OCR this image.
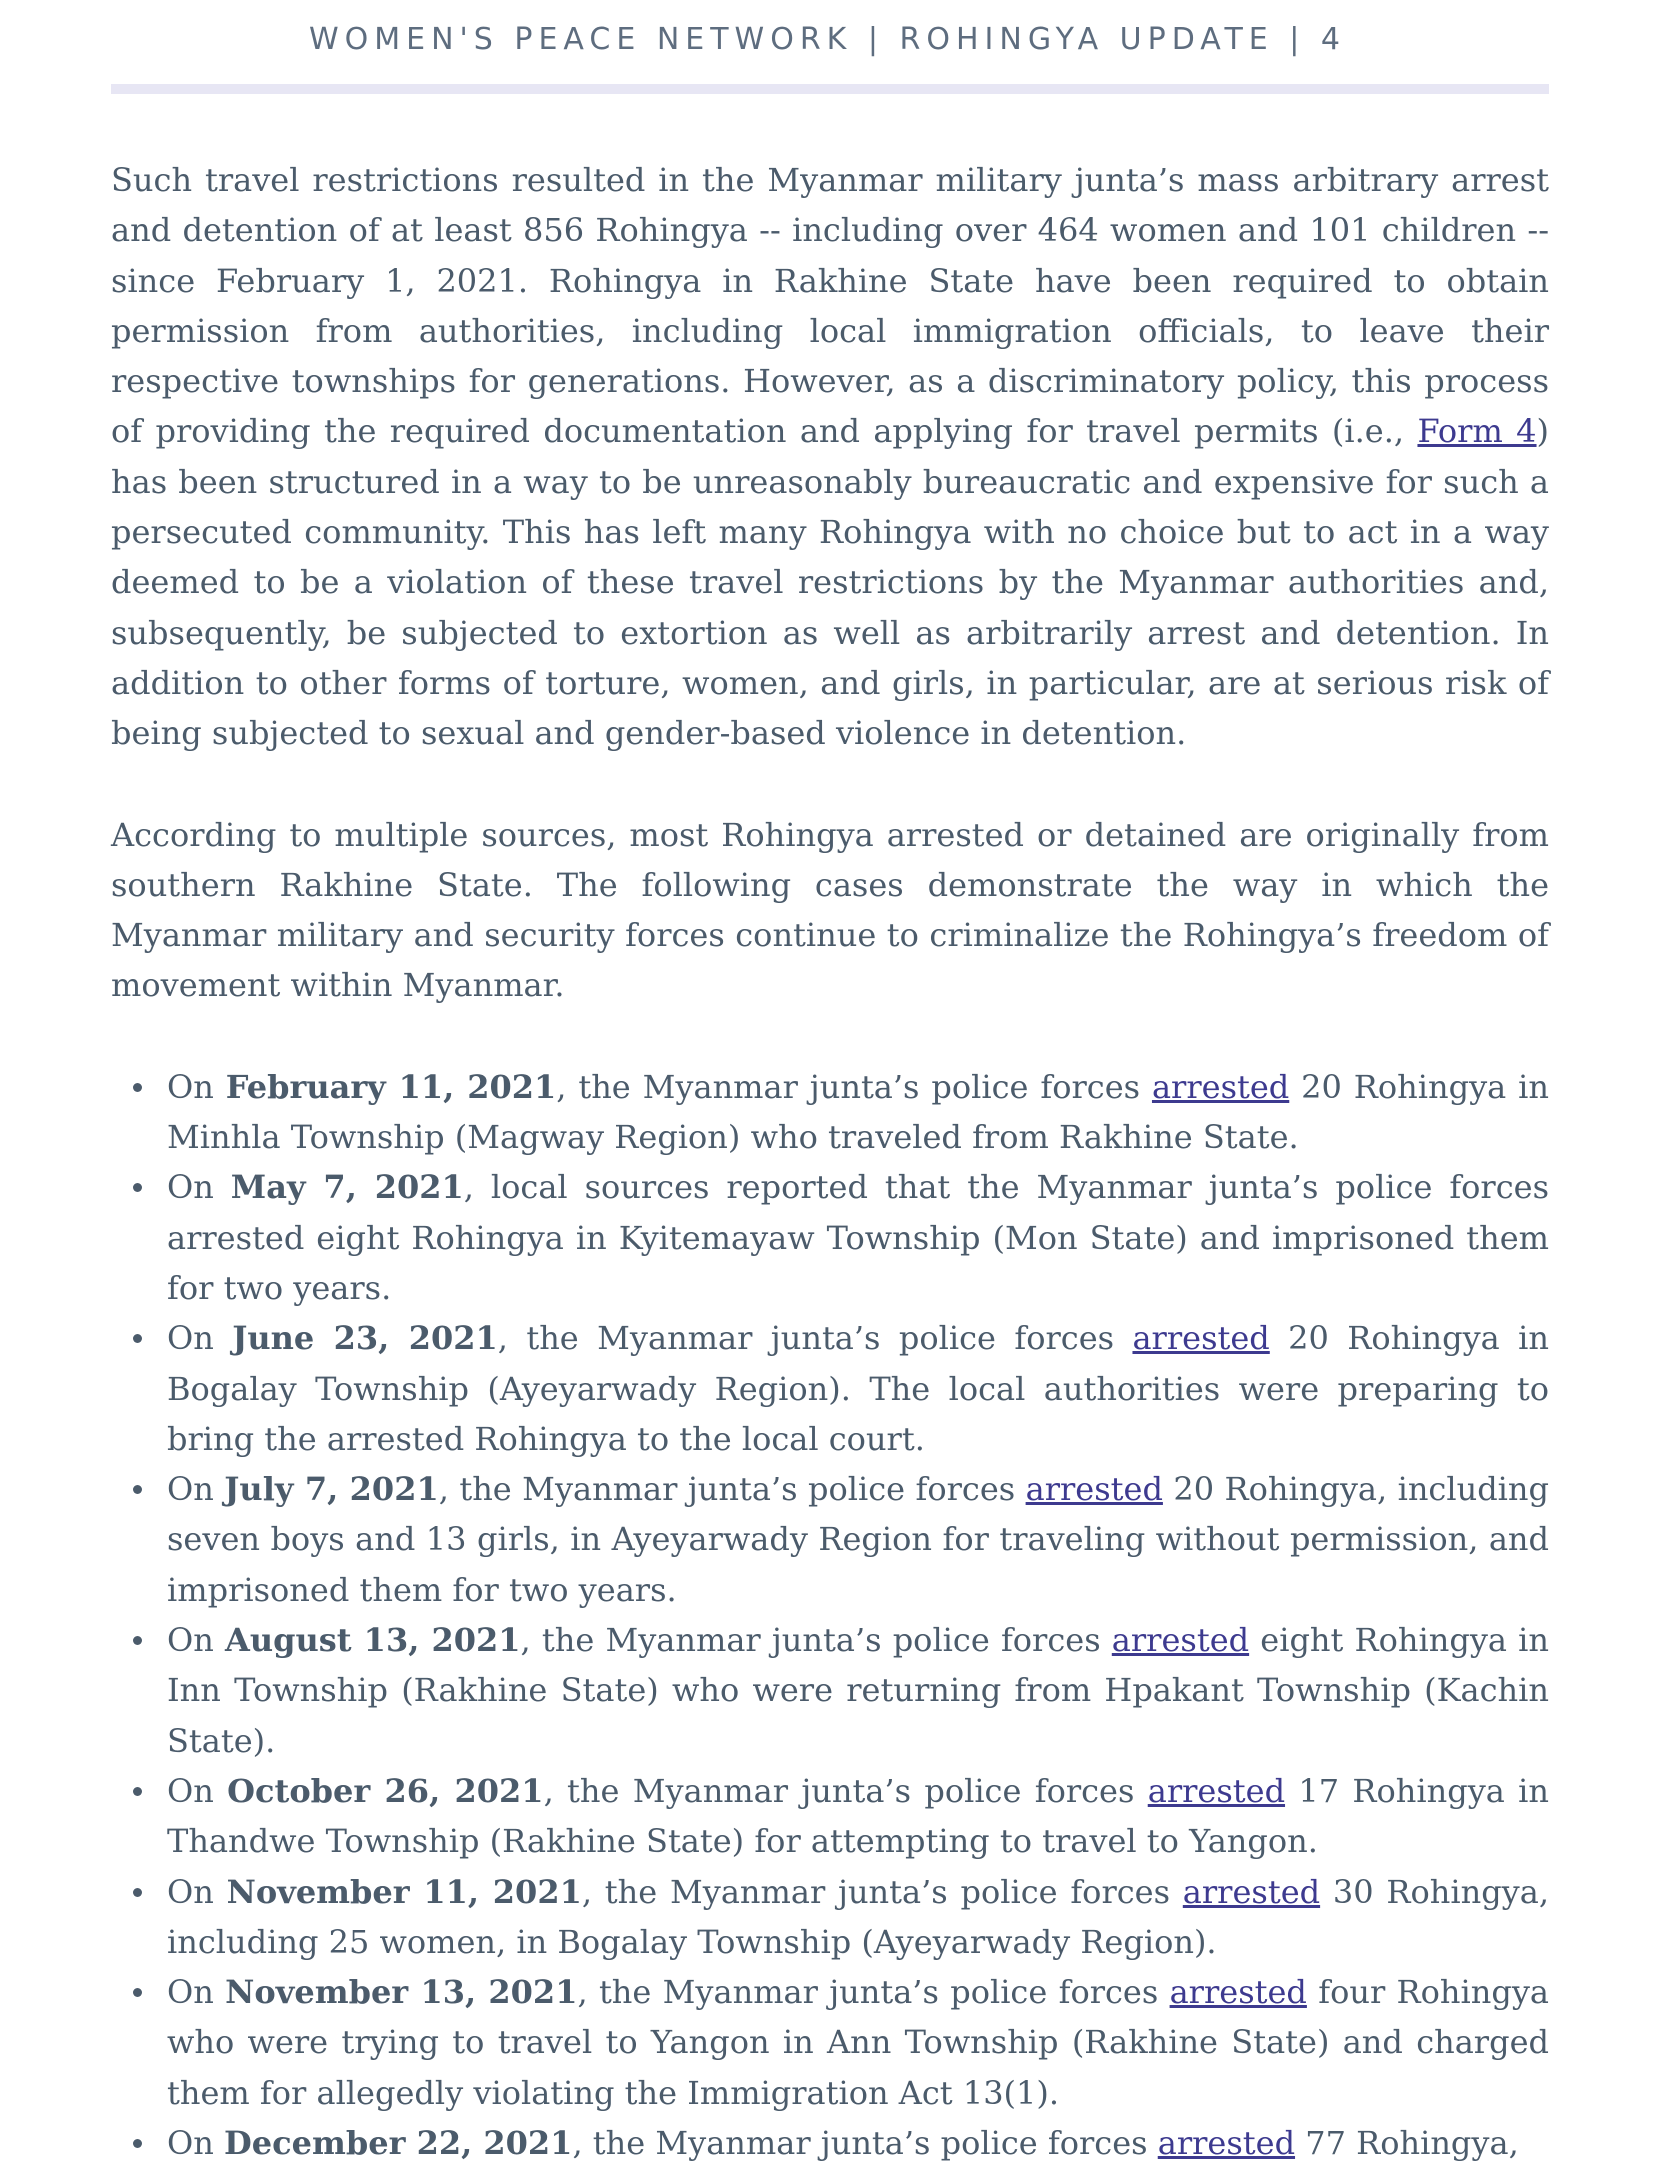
WOMEN'S PEACE NETWORK | ROHINGYA UPDATE | 4

Such travel restrictions resulted in the Myanmar military junta’s mass arbitrary arrest and detention of at least 856 Rohingya -- including over 464 women and 101 children -- since February 1, 2021. Rohingya in Rakhine State have been required to obtain permission from authorities, including local immigration officials, to leave their respective townships for generations. However, as a discriminatory policy, this process of providing the required documentation and applying for travel permits (i.e., Form 4) has been structured in a way to be unreasonably bureaucratic and expensive for such a persecuted community. This has left many Rohingya with no choice but to act in a way deemed to be a violation of these travel restrictions by the Myanmar authorities and, subsequently, be subjected to extortion as well as arbitrarily arrest and detention. In addition to other forms of torture, women, and girls, in particular, are at serious risk of being subjected to sexual and gender-based violence in detention.

According to multiple sources, most Rohingya arrested or detained are originally from southern Rakhine State. The following cases demonstrate the way in which the Myanmar military and security forces continue to criminalize the Rohingya’s freedom of movement within Myanmar.

On February 11, 2021, the Myanmar junta’s police forces arrested 20 Rohingya in Minhla Township (Magway Region) who traveled from Rakhine State.
On May 7, 2021, local sources reported that the Myanmar junta’s police forces arrested eight Rohingya in Kyitemayaw Township (Mon State) and imprisoned them for two years.
On June 23, 2021, the Myanmar junta’s police forces arrested 20 Rohingya in Bogalay Township (Ayeyarwady Region). The local authorities were preparing to bring the arrested Rohingya to the local court.
On July 7, 2021, the Myanmar junta’s police forces arrested 20 Rohingya, including seven boys and 13 girls, in Ayeyarwady Region for traveling without permission, and imprisoned them for two years.
On August 13, 2021, the Myanmar junta’s police forces arrested eight Rohingya in Inn Township (Rakhine State) who were returning from Hpakant Township (Kachin State).
On October 26, 2021, the Myanmar junta’s police forces arrested 17 Rohingya in Thandwe Township (Rakhine State) for attempting to travel to Yangon.
On November 11, 2021, the Myanmar junta’s police forces arrested 30 Rohingya, including 25 women, in Bogalay Township (Ayeyarwady Region).
On November 13, 2021, the Myanmar junta’s police forces arrested four Rohingya who were trying to travel to Yangon in Ann Township (Rakhine State) and charged them for allegedly violating the Immigration Act 13(1).
On December 22, 2021, the Myanmar junta’s police forces arrested 77 Rohingya,
